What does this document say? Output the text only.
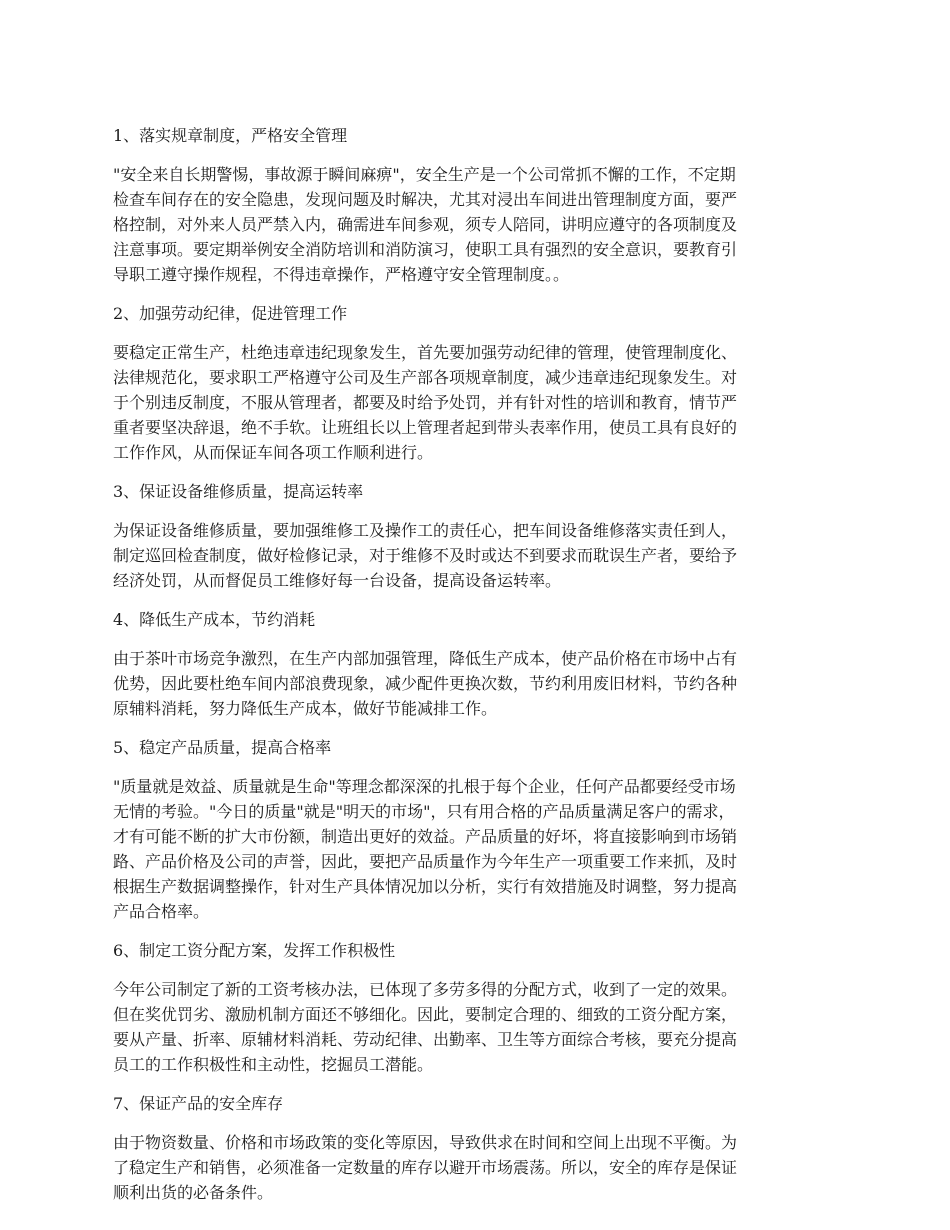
1、落实规章制度，严格安全管理

"安全来自长期警惕，事故源于瞬间麻痹"，安全生产是一个公司常抓不懈的工作，不定期
检查车间存在的安全隐患，发现问题及时解决，尤其对浸出车间进出管理制度方面，要严
格控制，对外来人员严禁入内，确需进车间参观，须专人陪同，讲明应遵守的各项制度及
注意事项。要定期举例安全消防培训和消防演习，使职工具有强烈的安全意识，要教育引
导职工遵守操作规程，不得违章操作，严格遵守安全管理制度。。

2、加强劳动纪律，促进管理工作

要稳定正常生产，杜绝违章违纪现象发生，首先要加强劳动纪律的管理，使管理制度化、
法律规范化，要求职工严格遵守公司及生产部各项规章制度，减少违章违纪现象发生。对
于个别违反制度，不服从管理者，都要及时给予处罚，并有针对性的培训和教育，情节严
重者要坚决辞退，绝不手软。让班组长以上管理者起到带头表率作用，使员工具有良好的
工作作风，从而保证车间各项工作顺利进行。

3、保证设备维修质量，提高运转率

为保证设备维修质量，要加强维修工及操作工的责任心，把车间设备维修落实责任到人，
制定巡回检查制度，做好检修记录，对于维修不及时或达不到要求而耽误生产者，要给予
经济处罚，从而督促员工维修好每一台设备，提高设备运转率。

4、降低生产成本，节约消耗

由于茶叶市场竞争激烈，在生产内部加强管理，降低生产成本，使产品价格在市场中占有
优势，因此要杜绝车间内部浪费现象，减少配件更换次数，节约利用废旧材料，节约各种
原辅料消耗，努力降低生产成本，做好节能减排工作。

5、稳定产品质量，提高合格率

"质量就是效益、质量就是生命"等理念都深深的扎根于每个企业，任何产品都要经受市场
无情的考验。"今日的质量"就是"明天的市场"，只有用合格的产品质量满足客户的需求，
才有可能不断的扩大市份额，制造出更好的效益。产品质量的好坏，将直接影响到市场销
路、产品价格及公司的声誉，因此，要把产品质量作为今年生产一项重要工作来抓，及时
根据生产数据调整操作，针对生产具体情况加以分析，实行有效措施及时调整，努力提高
产品合格率。

6、制定工资分配方案，发挥工作积极性

今年公司制定了新的工资考核办法，已体现了多劳多得的分配方式，收到了一定的效果。
但在奖优罚劣、激励机制方面还不够细化。因此，要制定合理的、细致的工资分配方案，
要从产量、折率、原辅材料消耗、劳动纪律、出勤率、卫生等方面综合考核，要充分提高
员工的工作积极性和主动性，挖掘员工潜能。

7、保证产品的安全库存

由于物资数量、价格和市场政策的变化等原因，导致供求在时间和空间上出现不平衡。为
了稳定生产和销售，必须准备一定数量的库存以避开市场震荡。所以，安全的库存是保证
顺利出货的必备条件。
